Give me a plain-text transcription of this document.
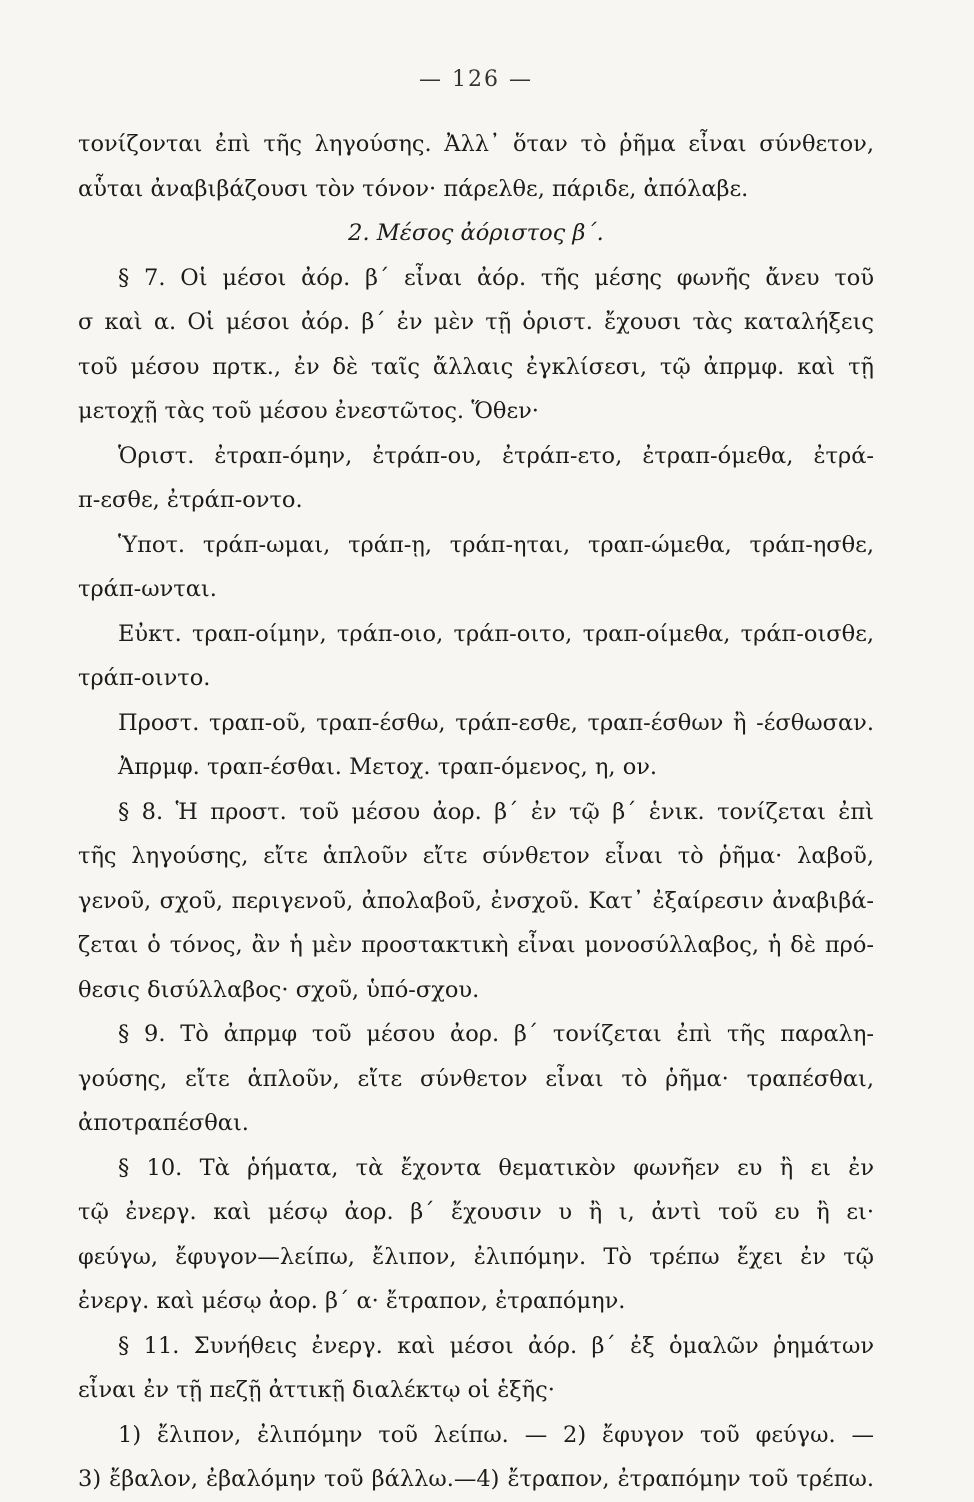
— 126 —
τονίζονται ἐπὶ τῆς ληγούσης. Ἀλλ᾽ ὅταν τὸ ῥῆμα εἶναι σύνθετον,
αὗται ἀναβιβάζουσι τὸν τόνον· πάρελθε, πάριδε, ἀπόλαβε.
2. Μέσος ἀόριστος β΄.
§ 7. Οἱ μέσοι ἀόρ. β΄ εἶναι ἀόρ. τῆς μέσης φωνῆς ἄνευ τοῦ
σ καὶ α. Οἱ μέσοι ἀόρ. β΄ ἐν μὲν τῇ ὁριστ. ἔχουσι τὰς καταλήξεις
τοῦ μέσου πρτκ., ἐν δὲ ταῖς ἄλλαις ἐγκλίσεσι, τῷ ἀπρμφ. καὶ τῇ
μετοχῇ τὰς τοῦ μέσου ἐνεστῶτος. Ὅθεν·
Ὁριστ. ἐτραπ-όμην, ἐτράπ-ου, ἐτράπ-ετο, ἐτραπ-όμεθα, ἐτρά-
π-εσθε, ἐτράπ-οντο.
Ὑποτ. τράπ-ωμαι, τράπ-ῃ, τράπ-ηται, τραπ-ώμεθα, τράπ-ησθε,
τράπ-ωνται.
Εὐκτ. τραπ-οίμην, τράπ-οιο, τράπ-οιτο, τραπ-οίμεθα, τράπ-οισθε,
τράπ-οιντο.
Προστ. τραπ-οῦ, τραπ-έσθω, τράπ-εσθε, τραπ-έσθων ἢ -έσθωσαν.
Ἀπρμφ. τραπ-έσθαι. Μετοχ. τραπ-όμενος, η, ον.
§ 8. Ἡ προστ. τοῦ μέσου ἀορ. β΄ ἐν τῷ β΄ ἑνικ. τονίζεται ἐπὶ
τῆς ληγούσης, εἴτε ἁπλοῦν εἴτε σύνθετον εἶναι τὸ ῥῆμα· λαβοῦ,
γενοῦ, σχοῦ, περιγενοῦ, ἀπολαβοῦ, ἐνσχοῦ. Κατ᾽ ἐξαίρεσιν ἀναβιβά-
ζεται ὁ τόνος, ἂν ἡ μὲν προστακτικὴ εἶναι μονοσύλλαβος, ἡ δὲ πρό-
θεσις δισύλλαβος· σχοῦ, ὑπό-σχου.
§ 9. Τὸ ἀπρμφ τοῦ μέσου ἀορ. β΄ τονίζεται ἐπὶ τῆς παραλη-
γούσης, εἴτε ἁπλοῦν, εἴτε σύνθετον εἶναι τὸ ῥῆμα· τραπέσθαι,
ἀποτραπέσθαι.
§ 10. Τὰ ῥήματα, τὰ ἔχοντα θεματικὸν φωνῆεν ευ ἢ ει ἐν
τῷ ἐνεργ. καὶ μέσῳ ἀορ. β΄ ἔχουσιν υ ἢ ι, ἀντὶ τοῦ ευ ἢ ει·
φεύγω, ἔφυγον—λείπω, ἔλιπον, ἐλιπόμην. Τὸ τρέπω ἔχει ἐν τῷ
ἐνεργ. καὶ μέσῳ ἀορ. β΄ α· ἔτραπον, ἐτραπόμην.
§ 11. Συνήθεις ἐνεργ. καὶ μέσοι ἀόρ. β΄ ἐξ ὁμαλῶν ῥημάτων
εἶναι ἐν τῇ πεζῇ ἀττικῇ διαλέκτῳ οἱ ἑξῆς·
1) ἔλιπον, ἐλιπόμην τοῦ λείπω. — 2) ἔφυγον τοῦ φεύγω. —
3) ἔβαλον, ἐβαλόμην τοῦ βάλλω.—4) ἔτραπον, ἐτραπόμην τοῦ τρέπω.
